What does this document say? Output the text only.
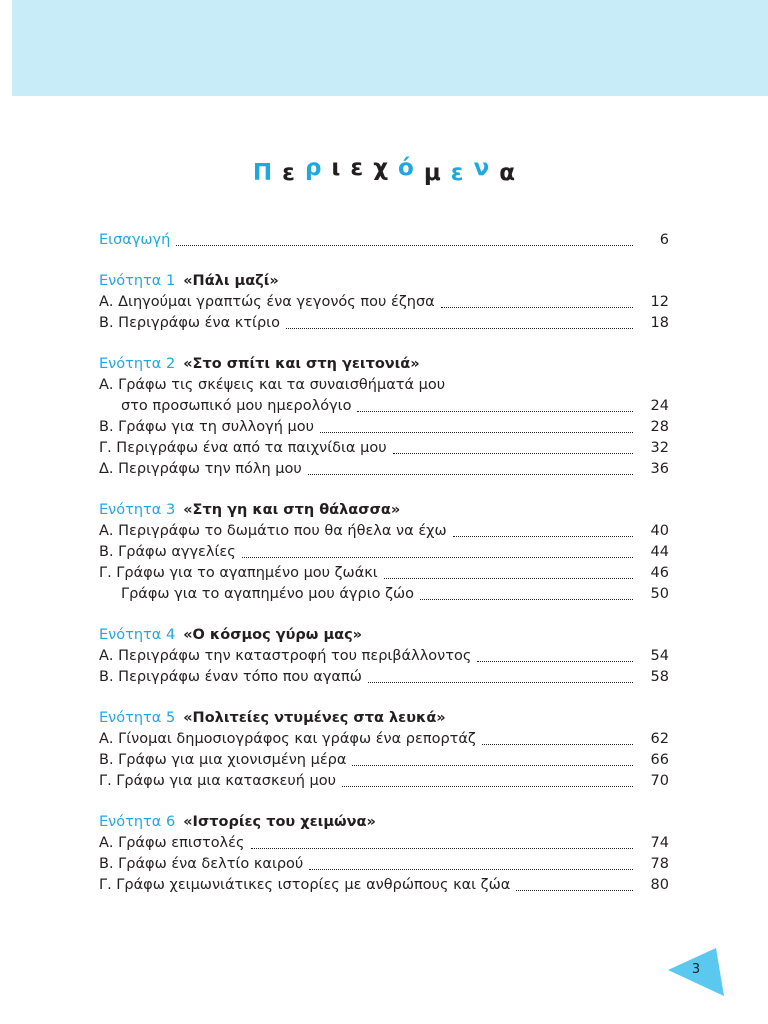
Π ε ρ ι ε χ ό μ ε ν α
Εισαγωγή	6
Ενότητα 1 «Πάλι μαζί»
Α. Διηγούμαι γραπτώς ένα γεγονός που έζησα	12
Β. Περιγράφω ένα κτίριο	18
Ενότητα 2 «Στο σπίτι και στη γειτονιά»
Α. Γράφω τις σκέψεις και τα συναισθήματά μου
στο προσωπικό μου ημερολόγιο	24
Β. Γράφω για τη συλλογή μου	28
Γ. Περιγράφω ένα από τα παιχνίδια μου	32
Δ. Περιγράφω την πόλη μου	36
Ενότητα 3 «Στη γη και στη θάλασσα»
Α. Περιγράφω το δωμάτιο που θα ήθελα να έχω	40
Β. Γράφω αγγελίες	44
Γ. Γράφω για το αγαπημένο μου ζωάκι	46
Γράφω για το αγαπημένο μου άγριο ζώο	50
Ενότητα 4 «Ο κόσμος γύρω μας»
Α. Περιγράφω την καταστροφή του περιβάλλοντος	54
Β. Περιγράφω έναν τόπο που αγαπώ	58
Ενότητα 5 «Πολιτείες ντυμένες στα λευκά»
Α. Γίνομαι δημοσιογράφος και γράφω ένα ρεπορτάζ	62
Β. Γράφω για μια χιονισμένη μέρα	66
Γ. Γράφω για μια κατασκευή μου	70
Ενότητα 6 «Ιστορίες του χειμώνα»
Α. Γράφω επιστολές	74
Β. Γράφω ένα δελτίο καιρού	78
Γ. Γράφω χειμωνιάτικες ιστορίες με ανθρώπους και ζώα	80
3
